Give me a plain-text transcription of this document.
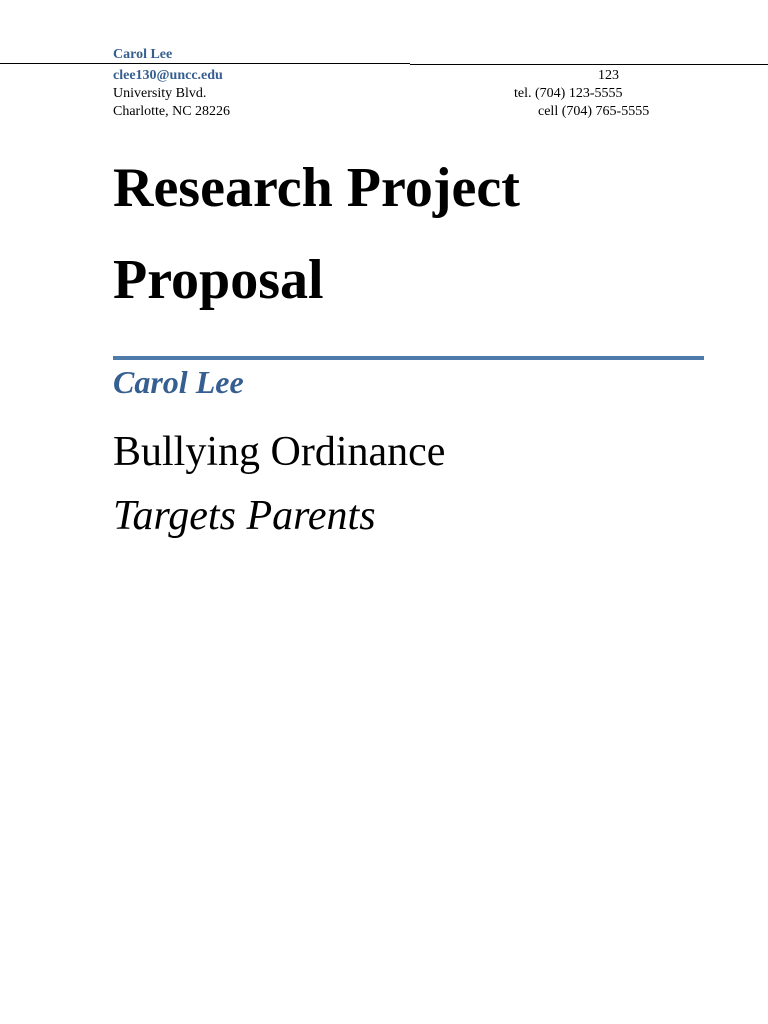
Carol Lee
clee130@uncc.edu
University Blvd.
Charlotte, NC 28226
123
tel. (704) 123-5555
cell (704) 765-5555
Research Project Proposal
Carol Lee
Bullying Ordinance
Targets Parents
